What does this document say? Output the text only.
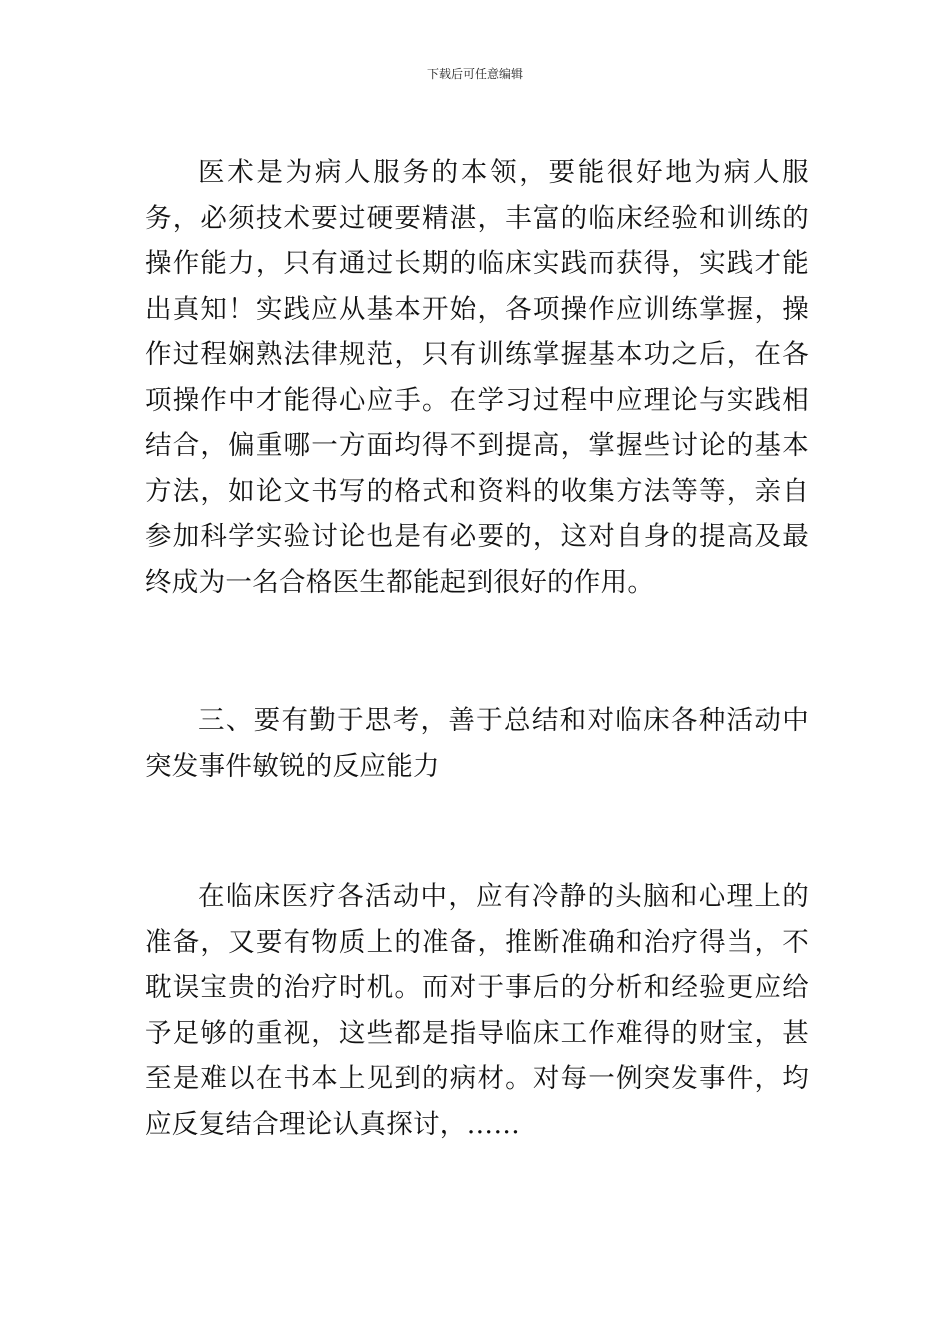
下载后可任意编辑

医术是为病人服务的本领，要能很好地为病人服务，必须技术要过硬要精湛，丰富的临床经验和训练的操作能力，只有通过长期的临床实践而获得，实践才能出真知！实践应从基本开始，各项操作应训练掌握，操作过程娴熟法律规范，只有训练掌握基本功之后，在各项操作中才能得心应手。在学习过程中应理论与实践相结合，偏重哪一方面均得不到提高，掌握些讨论的基本方法，如论文书写的格式和资料的收集方法等等，亲自参加科学实验讨论也是有必要的，这对自身的提高及最终成为一名合格医生都能起到很好的作用。

三、要有勤于思考，善于总结和对临床各种活动中突发事件敏锐的反应能力

在临床医疗各活动中，应有冷静的头脑和心理上的准备，又要有物质上的准备，推断准确和治疗得当，不耽误宝贵的治疗时机。而对于事后的分析和经验更应给予足够的重视，这些都是指导临床工作难得的财宝，甚至是难以在书本上见到的病材。对每一例突发事件，均应反复结合理论认真探讨，……
